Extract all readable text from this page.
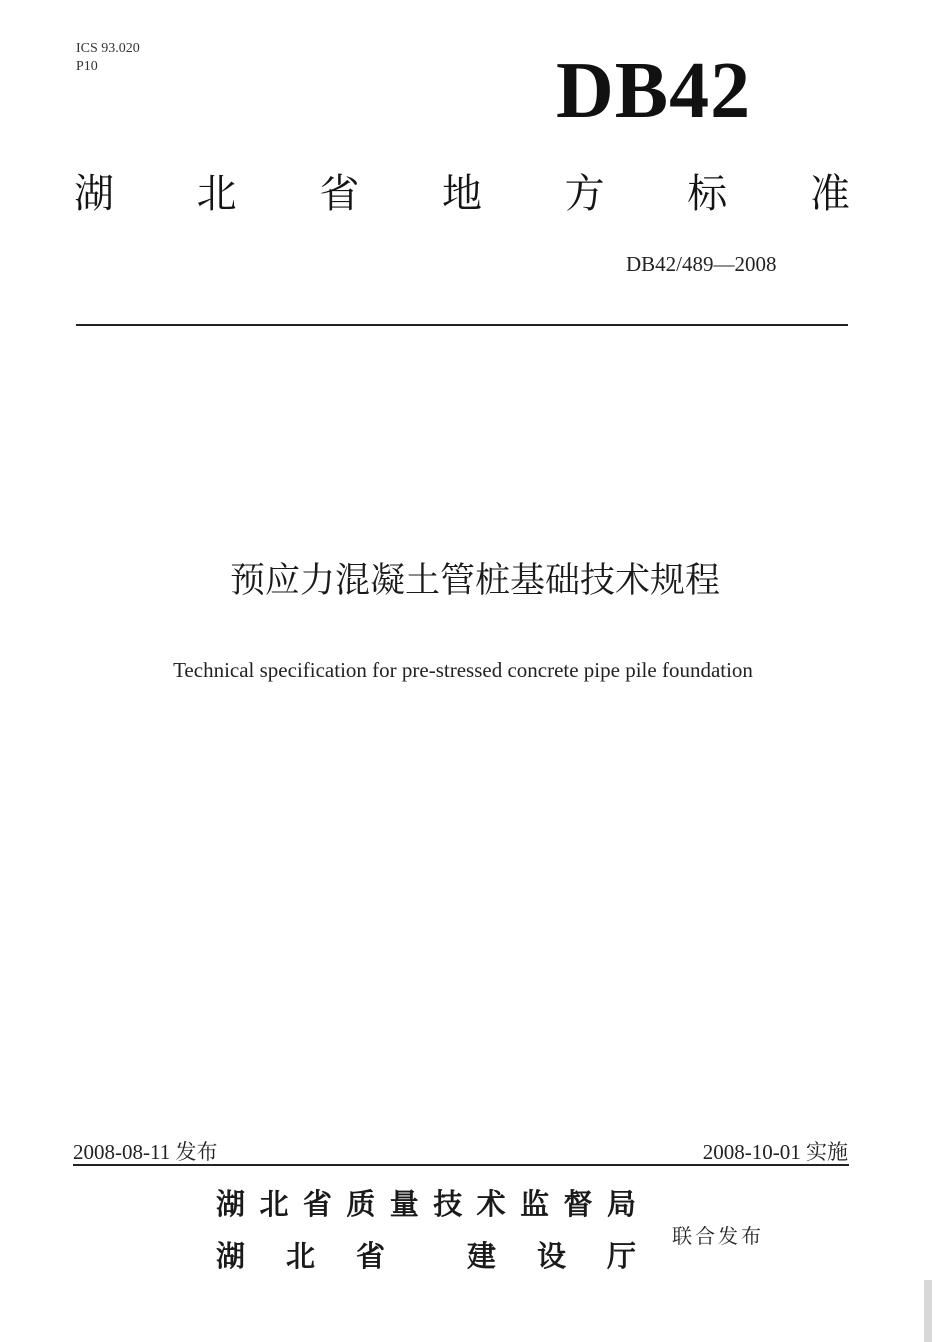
ICS 93.020
P10	DB42
湖 北 省 地 方 标 准
DB42/489—2008
预应力混凝土管桩基础技术规程
Technical specification for pre-stressed concrete pipe pile foundation
2008-08-11 发布	2008-10-01 实施
湖 北 省 质 量 技 术 监 督 局
湖 北 省	建 设 厅
联合发布
